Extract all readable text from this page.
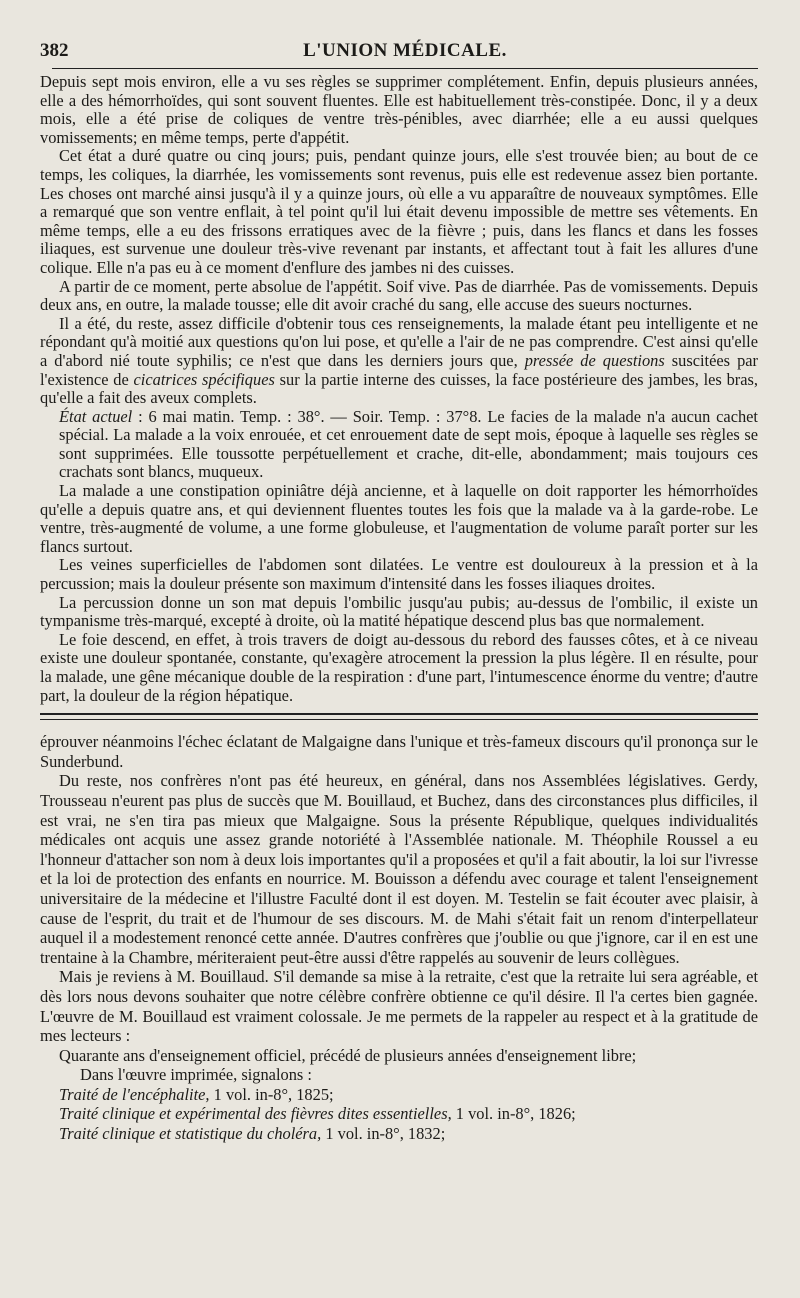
382	L'UNION MÉDICALE.

Depuis sept mois environ, elle a vu ses règles se supprimer complétement. Enfin, depuis plusieurs années, elle a des hémorrhoïdes, qui sont souvent fluentes. Elle est habituellement très-constipée. Donc, il y a deux mois, elle a été prise de coliques de ventre très-pénibles, avec diarrhée; elle a eu aussi quelques vomissements; en même temps, perte d'appétit.

Cet état a duré quatre ou cinq jours; puis, pendant quinze jours, elle s'est trouvée bien; au bout de ce temps, les coliques, la diarrhée, les vomissements sont revenus, puis elle est redevenue assez bien portante. Les choses ont marché ainsi jusqu'à il y a quinze jours, où elle a vu apparaître de nouveaux symptômes. Elle a remarqué que son ventre enflait, à tel point qu'il lui était devenu impossible de mettre ses vêtements. En même temps, elle a eu des frissons erratiques avec de la fièvre ; puis, dans les flancs et dans les fosses iliaques, est survenue une douleur très-vive revenant par instants, et affectant tout à fait les allures d'une colique. Elle n'a pas eu à ce moment d'enflure des jambes ni des cuisses.

A partir de ce moment, perte absolue de l'appétit. Soif vive. Pas de diarrhée. Pas de vomissements. Depuis deux ans, en outre, la malade tousse; elle dit avoir craché du sang, elle accuse des sueurs nocturnes.

Il a été, du reste, assez difficile d'obtenir tous ces renseignements, la malade étant peu intelligente et ne répondant qu'à moitié aux questions qu'on lui pose, et qu'elle a l'air de ne pas comprendre. C'est ainsi qu'elle a d'abord nié toute syphilis; ce n'est que dans les derniers jours que, pressée de questions suscitées par l'existence de cicatrices spécifiques sur la partie interne des cuisses, la face postérieure des jambes, les bras, qu'elle a fait des aveux complets.

État actuel : 6 mai matin. Temp. : 38°. — Soir. Temp. : 37°8. Le facies de la malade n'a aucun cachet spécial. La malade a la voix enrouée, et cet enrouement date de sept mois, époque à laquelle ses règles se sont supprimées. Elle toussotte perpétuellement et crache, dit-elle, abondamment; mais toujours ces crachats sont blancs, muqueux.

La malade a une constipation opiniâtre déjà ancienne, et à laquelle on doit rapporter les hémorrhoïdes qu'elle a depuis quatre ans, et qui deviennent fluentes toutes les fois que la malade va à la garde-robe. Le ventre, très-augmenté de volume, a une forme globuleuse, et l'augmentation de volume paraît porter sur les flancs surtout.

Les veines superficielles de l'abdomen sont dilatées. Le ventre est douloureux à la pression et à la percussion; mais la douleur présente son maximum d'intensité dans les fosses iliaques droites.

La percussion donne un son mat depuis l'ombilic jusqu'au pubis; au-dessus de l'ombilic, il existe un tympanisme très-marqué, excepté à droite, où la matité hépatique descend plus bas que normalement.

Le foie descend, en effet, à trois travers de doigt au-dessous du rebord des fausses côtes, et à ce niveau existe une douleur spontanée, constante, qu'exagère atrocement la pression la plus légère. Il en résulte, pour la malade, une gêne mécanique double de la respiration : d'une part, l'intumescence énorme du ventre; d'autre part, la douleur de la région hépatique.

éprouver néanmoins l'échec éclatant de Malgaigne dans l'unique et très-fameux discours qu'il prononça sur le Sunderbund.

Du reste, nos confrères n'ont pas été heureux, en général, dans nos Assemblées législatives. Gerdy, Trousseau n'eurent pas plus de succès que M. Bouillaud, et Buchez, dans des circonstances plus difficiles, il est vrai, ne s'en tira pas mieux que Malgaigne. Sous la présente République, quelques individualités médicales ont acquis une assez grande notoriété à l'Assemblée nationale. M. Théophile Roussel a eu l'honneur d'attacher son nom à deux lois importantes qu'il a proposées et qu'il a fait aboutir, la loi sur l'ivresse et la loi de protection des enfants en nourrice. M. Bouisson a défendu avec courage et talent l'enseignement universitaire de la médecine et l'illustre Faculté dont il est doyen. M. Testelin se fait écouter avec plaisir, à cause de l'esprit, du trait et de l'humour de ses discours. M. de Mahi s'était fait un renom d'interpellateur auquel il a modestement renoncé cette année. D'autres confrères que j'oublie ou que j'ignore, car il en est une trentaine à la Chambre, mériteraient peut-être aussi d'être rappelés au souvenir de leurs collègues.

Mais je reviens à M. Bouillaud. S'il demande sa mise à la retraite, c'est que la retraite lui sera agréable, et dès lors nous devons souhaiter que notre célèbre confrère obtienne ce qu'il désire. Il l'a certes bien gagnée. L'œuvre de M. Bouillaud est vraiment colossale. Je me permets de la rappeler au respect et à la gratitude de mes lecteurs :

Quarante ans d'enseignement officiel, précédé de plusieurs années d'enseignement libre;
Dans l'œuvre imprimée, signalons :
Traité de l'encéphalite, 1 vol. in-8°, 1825;
Traité clinique et expérimental des fièvres dites essentielles, 1 vol. in-8°, 1826;
Traité clinique et statistique du choléra, 1 vol. in-8°, 1832;
